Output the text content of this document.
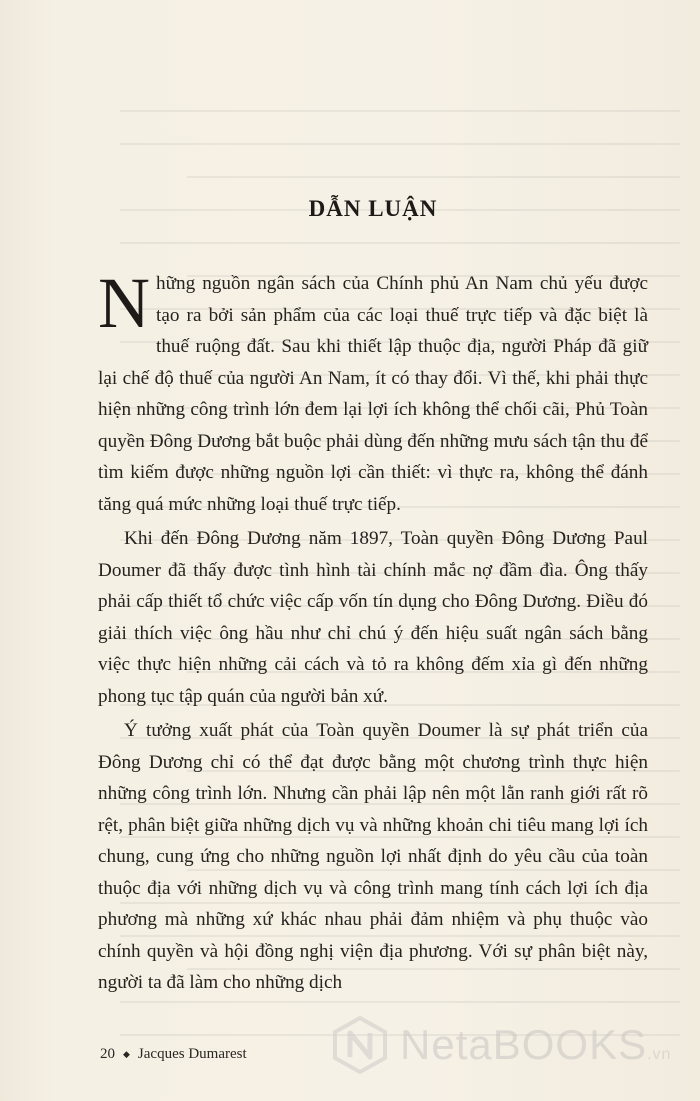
DẪN LUẬN

Những nguồn ngân sách của Chính phủ An Nam chủ yếu được tạo ra bởi sản phẩm của các loại thuế trực tiếp và đặc biệt là thuế ruộng đất. Sau khi thiết lập thuộc địa, người Pháp đã giữ lại chế độ thuế của người An Nam, ít có thay đổi. Vì thế, khi phải thực hiện những công trình lớn đem lại lợi ích không thể chối cãi, Phủ Toàn quyền Đông Dương bắt buộc phải dùng đến những mưu sách tận thu để tìm kiếm được những nguồn lợi cần thiết: vì thực ra, không thể đánh tăng quá mức những loại thuế trực tiếp.

Khi đến Đông Dương năm 1897, Toàn quyền Đông Dương Paul Doumer đã thấy được tình hình tài chính mắc nợ đầm đìa. Ông thấy phải cấp thiết tổ chức việc cấp vốn tín dụng cho Đông Dương. Điều đó giải thích việc ông hầu như chỉ chú ý đến hiệu suất ngân sách bằng việc thực hiện những cải cách và tỏ ra không đếm xỉa gì đến những phong tục tập quán của người bản xứ.

Ý tưởng xuất phát của Toàn quyền Doumer là sự phát triển của Đông Dương chỉ có thể đạt được bằng một chương trình thực hiện những công trình lớn. Nhưng cần phải lập nên một lằn ranh giới rất rõ rệt, phân biệt giữa những dịch vụ và những khoản chi tiêu mang lợi ích chung, cung ứng cho những nguồn lợi nhất định do yêu cầu của toàn thuộc địa với những dịch vụ và công trình mang tính cách lợi ích địa phương mà những xứ khác nhau phải đảm nhiệm và phụ thuộc vào chính quyền và hội đồng nghị viện địa phương. Với sự phân biệt này, người ta đã làm cho những dịch

20 ◆ Jacques Dumarest	NetaBOOKS.vn
